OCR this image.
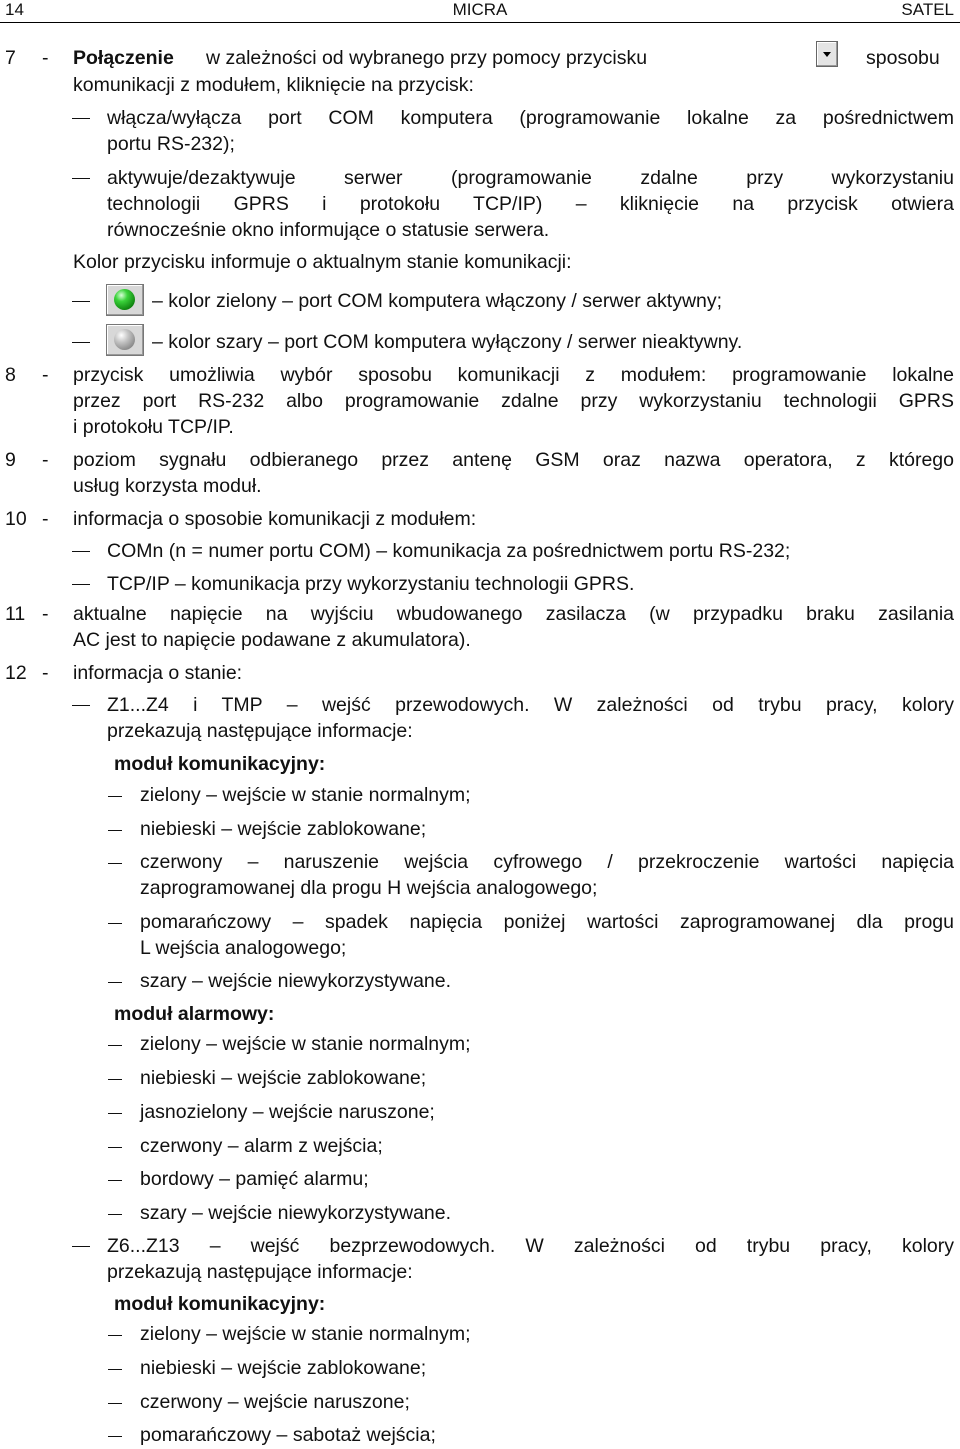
14	MICRA	SATEL
7 - Połączenie w zależności od wybranego przy pomocy przycisku	sposobu
komunikacji z modułem, kliknięcie na przycisk:
włącza/wyłącza port COM komputera (programowanie lokalne za pośrednictwem
portu RS-232);
aktywuje/dezaktywuje serwer (programowanie zdalne przy wykorzystaniu
technologii GPRS i protokołu TCP/IP) – kliknięcie na przycisk otwiera
równocześnie okno informujące o statusie serwera.
Kolor przycisku informuje o aktualnym stanie komunikacji:
– kolor zielony – port COM komputera włączony / serwer aktywny;
– kolor szary – port COM komputera wyłączony / serwer nieaktywny.
8 - przycisk umożliwia wybór sposobu komunikacji z modułem: programowanie lokalne
przez port RS-232 albo programowanie zdalne przy wykorzystaniu technologii GPRS
i protokołu TCP/IP.
9 - poziom sygnału odbieranego przez antenę GSM oraz nazwa operatora, z którego
usług korzysta moduł.
10 - informacja o sposobie komunikacji z modułem:
COMn (n = numer portu COM) – komunikacja za pośrednictwem portu RS-232;
TCP/IP – komunikacja przy wykorzystaniu technologii GPRS.
11 - aktualne napięcie na wyjściu wbudowanego zasilacza (w przypadku braku zasilania
AC jest to napięcie podawane z akumulatora).
12 - informacja o stanie:
Z1...Z4 i TMP – wejść przewodowych. W zależności od trybu pracy, kolory
przekazują następujące informacje:
moduł komunikacyjny:
zielony – wejście w stanie normalnym;
niebieski – wejście zablokowane;
czerwony – naruszenie wejścia cyfrowego / przekroczenie wartości napięcia
zaprogramowanej dla progu H wejścia analogowego;
pomarańczowy – spadek napięcia poniżej wartości zaprogramowanej dla progu
L wejścia analogowego;
szary – wejście niewykorzystywane.
moduł alarmowy:
zielony – wejście w stanie normalnym;
niebieski – wejście zablokowane;
jasnozielony – wejście naruszone;
czerwony – alarm z wejścia;
bordowy – pamięć alarmu;
szary – wejście niewykorzystywane.
Z6...Z13 – wejść bezprzewodowych. W zależności od trybu pracy, kolory
przekazują następujące informacje:
moduł komunikacyjny:
zielony – wejście w stanie normalnym;
niebieski – wejście zablokowane;
czerwony – wejście naruszone;
pomarańczowy – sabotaż wejścia;
